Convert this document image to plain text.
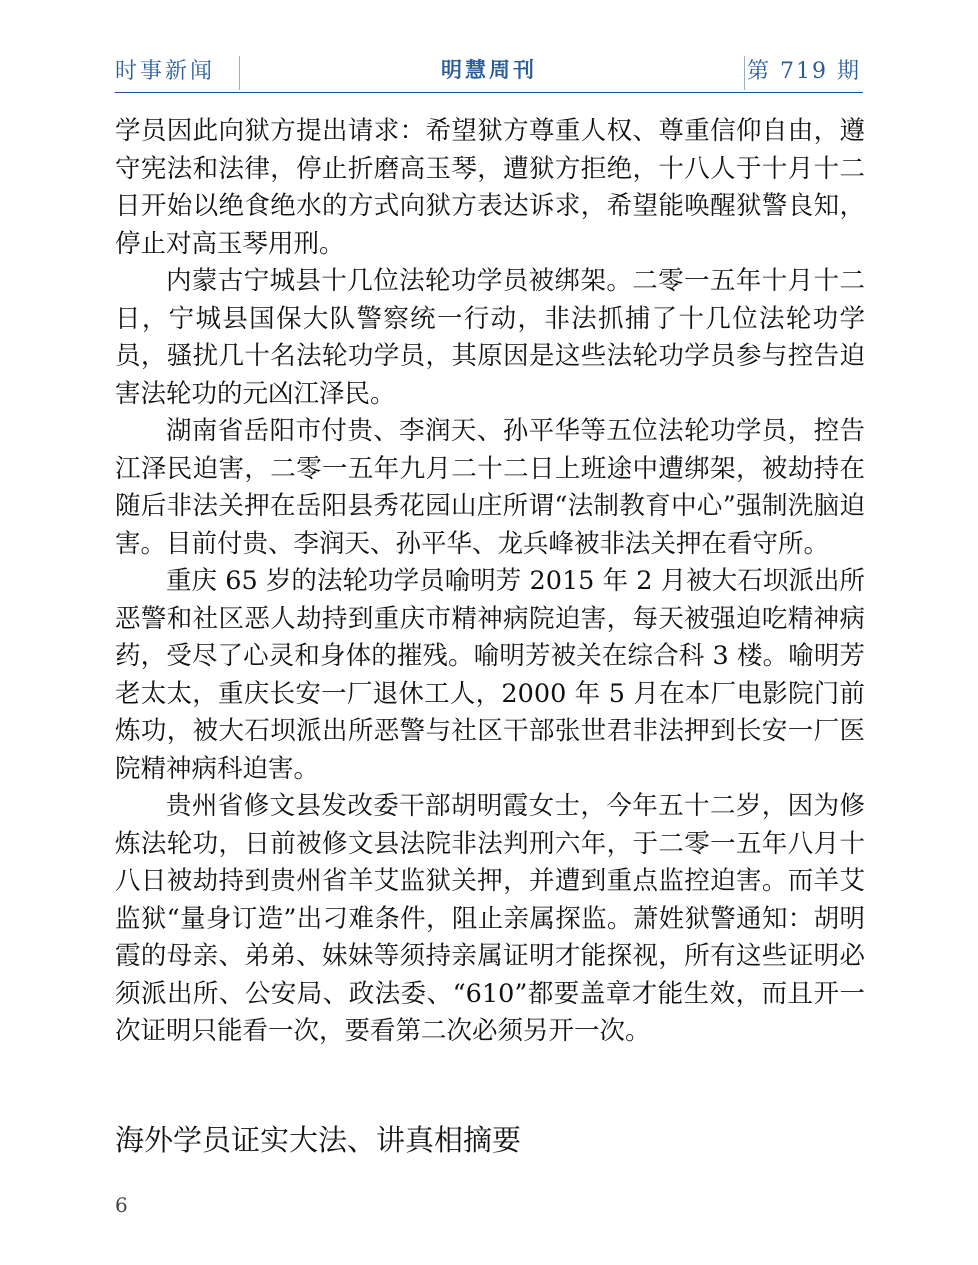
时事新闻	明慧周刊	第 719 期

学员因此向狱方提出请求：希望狱方尊重人权、尊重信仰自由，遵守宪法和法律，停止折磨高玉琴，遭狱方拒绝，十八人于十月十二日开始以绝食绝水的方式向狱方表达诉求，希望能唤醒狱警良知，停止对高玉琴用刑。

内蒙古宁城县十几位法轮功学员被绑架。二零一五年十月十二日，宁城县国保大队警察统一行动，非法抓捕了十几位法轮功学员，骚扰几十名法轮功学员，其原因是这些法轮功学员参与控告迫害法轮功的元凶江泽民。

湖南省岳阳市付贵、李润天、孙平华等五位法轮功学员，控告江泽民迫害，二零一五年九月二十二日上班途中遭绑架，被劫持在随后非法关押在岳阳县秀花园山庄所谓“法制教育中心”强制洗脑迫害。目前付贵、李润天、孙平华、龙兵峰被非法关押在看守所。

重庆 65 岁的法轮功学员喻明芳 2015 年 2 月被大石坝派出所恶警和社区恶人劫持到重庆市精神病院迫害，每天被强迫吃精神病药，受尽了心灵和身体的摧残。喻明芳被关在综合科 3 楼。喻明芳老太太，重庆长安一厂退休工人，2000 年 5 月在本厂电影院门前炼功，被大石坝派出所恶警与社区干部张世君非法押到长安一厂医院精神病科迫害。

贵州省修文县发改委干部胡明霞女士，今年五十二岁，因为修炼法轮功，日前被修文县法院非法判刑六年，于二零一五年八月十八日被劫持到贵州省羊艾监狱关押，并遭到重点监控迫害。而羊艾监狱“量身订造”出刁难条件，阻止亲属探监。萧姓狱警通知：胡明霞的母亲、弟弟、妹妹等须持亲属证明才能探视，所有这些证明必须派出所、公安局、政法委、“610”都要盖章才能生效，而且开一次证明只能看一次，要看第二次必须另开一次。

海外学员证实大法、讲真相摘要
6
